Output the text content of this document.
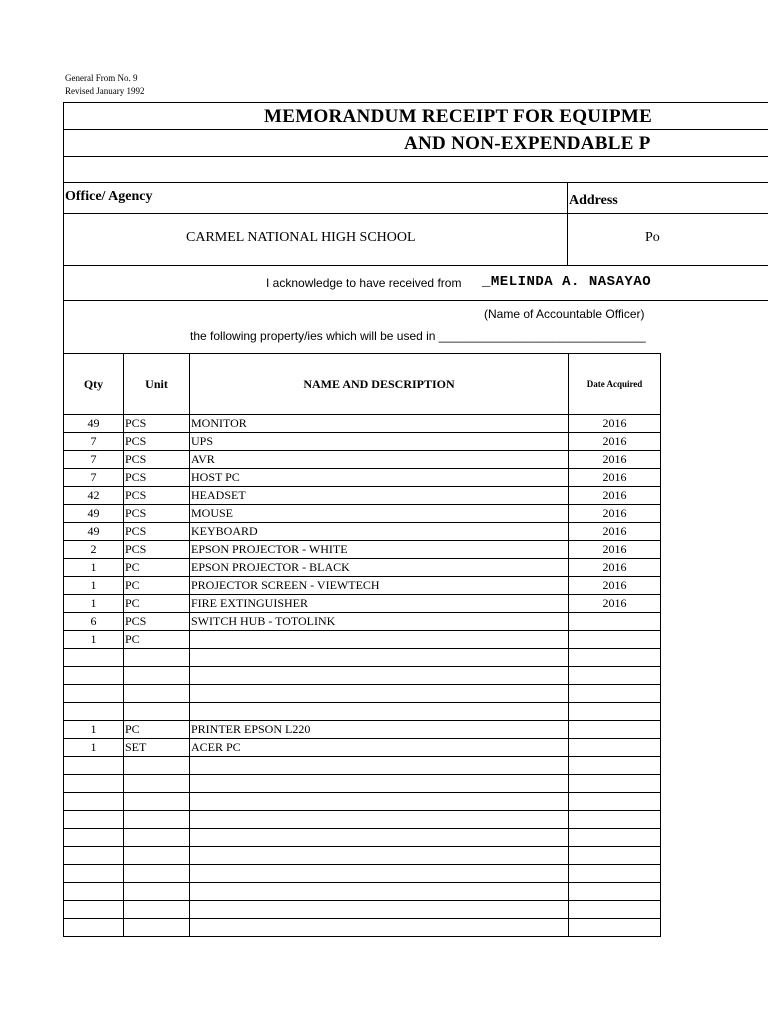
General From No. 9
Revised January 1992
MEMORANDUM RECEIPT FOR EQUIPME
AND NON-EXPENDABLE P
Office/ Agency	Address
CARMEL NATIONAL HIGH SCHOOL	Po
I acknowledge to have received from _MELINDA A. NASAYAO
(Name of Accountable Officer)
the following property/ies which will be used in _______________________________
Qty	Unit	NAME AND DESCRIPTION	Date Acquired
49	PCS	MONITOR	2016
7	PCS	UPS	2016
7	PCS	AVR	2016
7	PCS	HOST PC	2016
42	PCS	HEADSET	2016
49	PCS	MOUSE	2016
49	PCS	KEYBOARD	2016
2	PCS	EPSON PROJECTOR - WHITE	2016
1	PC	EPSON PROJECTOR - BLACK	2016
1	PC	PROJECTOR SCREEN - VIEWTECH	2016
1	PC	FIRE EXTINGUISHER	2016
6	PCS	SWITCH HUB - TOTOLINK	
1	PC		

1	PC	PRINTER EPSON L220	
1	SET	ACER PC	
